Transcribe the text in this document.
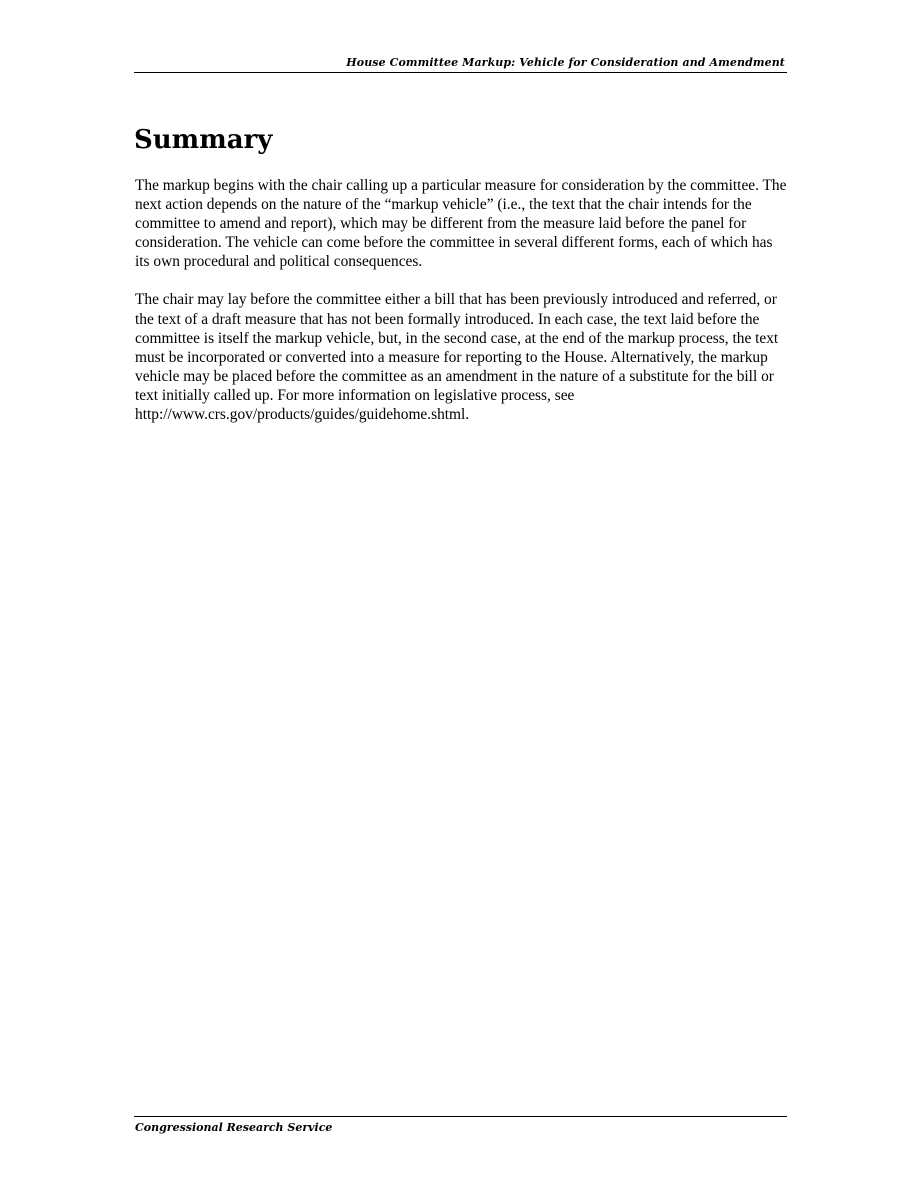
House Committee Markup: Vehicle for Consideration and Amendment
Summary

The markup begins with the chair calling up a particular measure for consideration by the committee. The next action depends on the nature of the “markup vehicle” (i.e., the text that the chair intends for the committee to amend and report), which may be different from the measure laid before the panel for consideration. The vehicle can come before the committee in several different forms, each of which has its own procedural and political consequences.

The chair may lay before the committee either a bill that has been previously introduced and referred, or the text of a draft measure that has not been formally introduced. In each case, the text laid before the committee is itself the markup vehicle, but, in the second case, at the end of the markup process, the text must be incorporated or converted into a measure for reporting to the House. Alternatively, the markup vehicle may be placed before the committee as an amendment in the nature of a substitute for the bill or text initially called up. For more information on legislative process, see http://www.crs.gov/products/guides/guidehome.shtml.

Congressional Research Service
